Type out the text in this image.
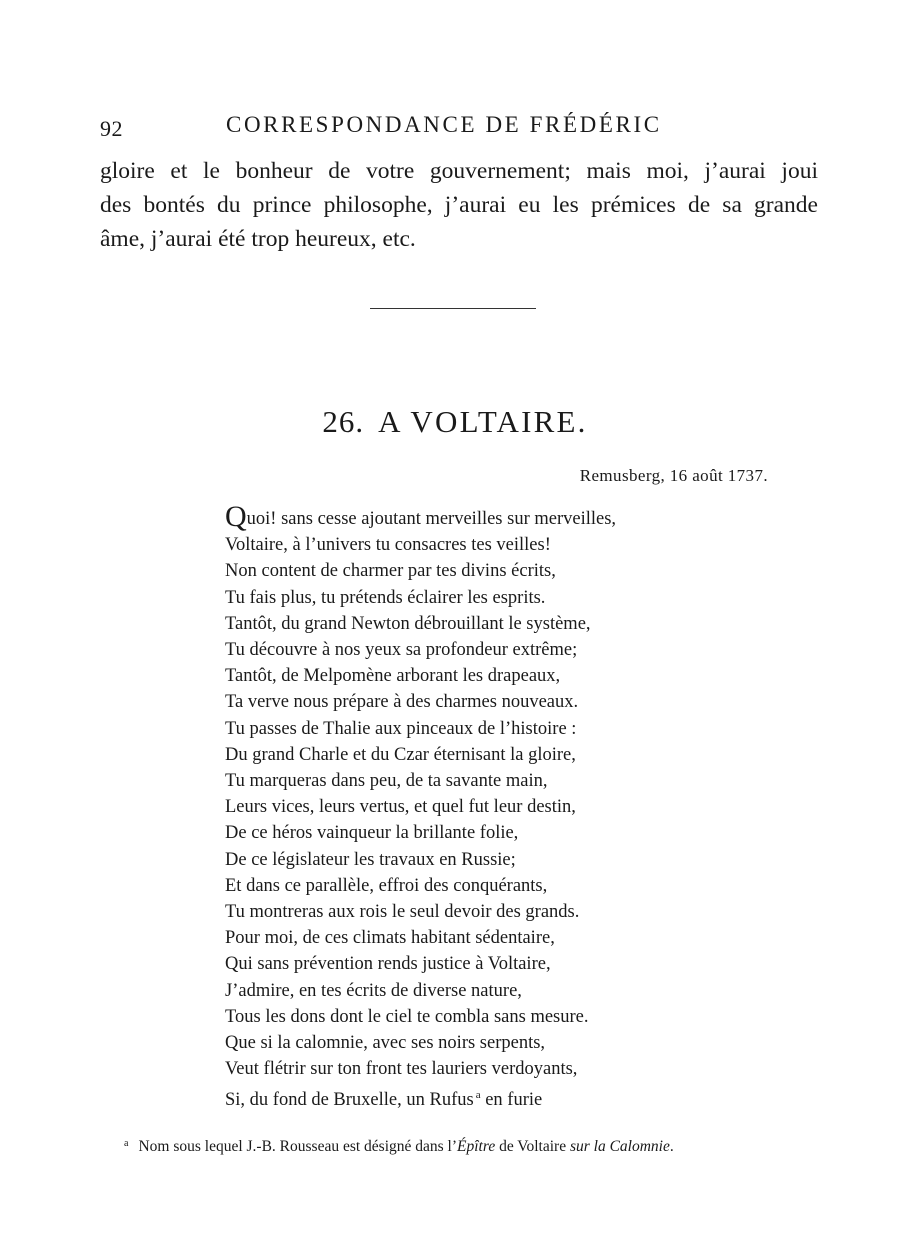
92	CORRESPONDANCE DE FRÉDÉRIC
gloire et le bonheur de votre gouvernement; mais moi, j’aurai joui
des bontés du prince philosophe, j’aurai eu les prémices de sa grande
âme, j’aurai été trop heureux, etc.
26. A VOLTAIRE.
Remusberg, 16 août 1737.
Quoi! sans cesse ajoutant merveilles sur merveilles,
Voltaire, à l’univers tu consacres tes veilles!
Non content de charmer par tes divins écrits,
Tu fais plus, tu prétends éclairer les esprits.
Tantôt, du grand Newton débrouillant le système,
Tu découvre à nos yeux sa profondeur extrême;
Tantôt, de Melpomène arborant les drapeaux,
Ta verve nous prépare à des charmes nouveaux.
Tu passes de Thalie aux pinceaux de l’histoire :
Du grand Charle et du Czar éternisant la gloire,
Tu marqueras dans peu, de ta savante main,
Leurs vices, leurs vertus, et quel fut leur destin,
De ce héros vainqueur la brillante folie,
De ce législateur les travaux en Russie;
Et dans ce parallèle, effroi des conquérants,
Tu montreras aux rois le seul devoir des grands.
Pour moi, de ces climats habitant sédentaire,
Qui sans prévention rends justice à Voltaire,
J’admire, en tes écrits de diverse nature,
Tous les dons dont le ciel te combla sans mesure.
Que si la calomnie, avec ses noirs serpents,
Veut flétrir sur ton front tes lauriers verdoyants,
Si, du fond de Bruxelle, un Rufus $^a$ en furie
$^a$ Nom sous lequel J.-B. Rousseau est désigné dans l’Épître de Voltaire sur la Calomnie.
